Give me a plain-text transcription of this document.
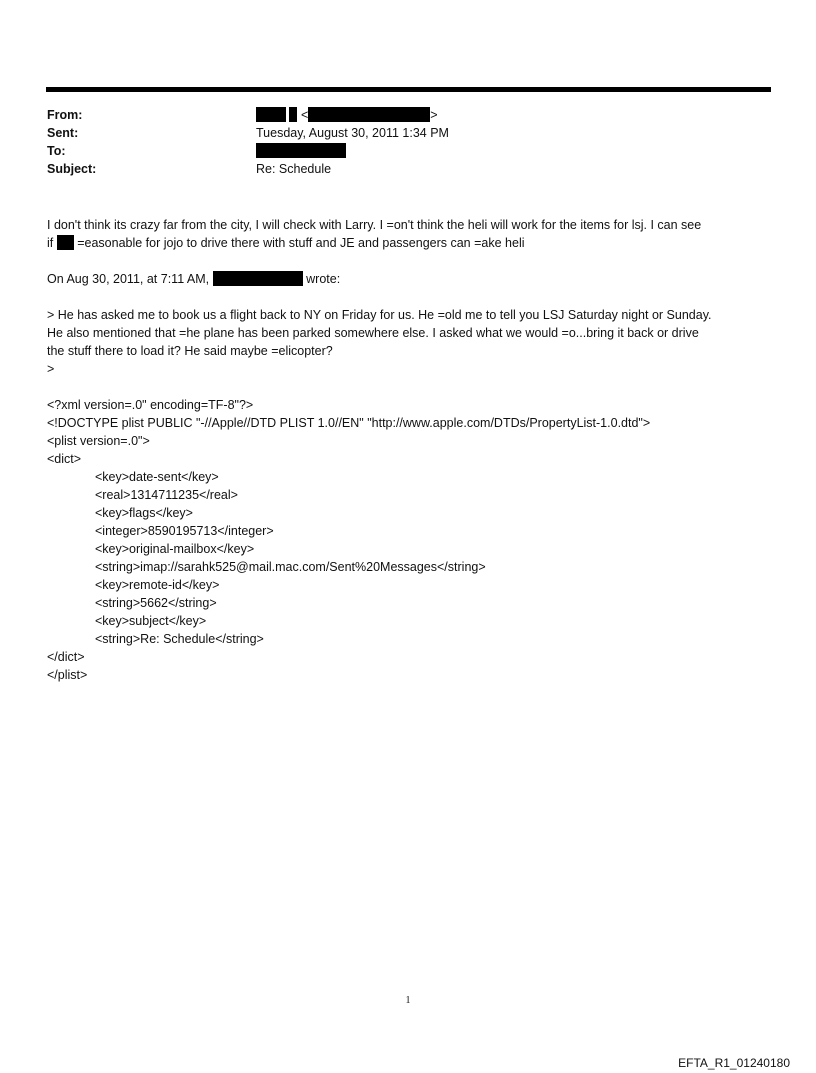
From:	<	>
Sent:	Tuesday, August 30, 2011 1:34 PM
To:
Subject:	Re: Schedule

I don't think its crazy far from the city, I will check with Larry. I =on't think the heli will work for the items for lsj. I can see

if =easonable for jojo to drive there with stuff and JE and passengers can =ake heli

On Aug 30, 2011, at 7:11 AM,	wrote:

> He has asked me to book us a flight back to NY on Friday for us. He =old me to tell you LSJ Saturday night or Sunday.

He also mentioned that =he plane has been parked somewhere else. I asked what we would =o...bring it back or drive

the stuff there to load it? He said maybe =elicopter?

>

<?xml version=.0" encoding=TF-8"?>

<!DOCTYPE plist PUBLIC "-//Apple//DTD PLIST 1.0//EN" "http://www.apple.com/DTDs/PropertyList-1.0.dtd">

<plist version=.0">

<dict>

<key>date-sent</key>

<real>1314711235</real>

<key>flags</key>

<integer>8590195713</integer>

<key>original-mailbox</key>

<string>imap://sarahk525@mail.mac.com/Sent%20Messages</string>

<key>remote-id</key>

<string>5662</string>

<key>subject</key>

<string>Re: Schedule</string>

</dict>

</plist>

1
EFTA_R1_01240180
